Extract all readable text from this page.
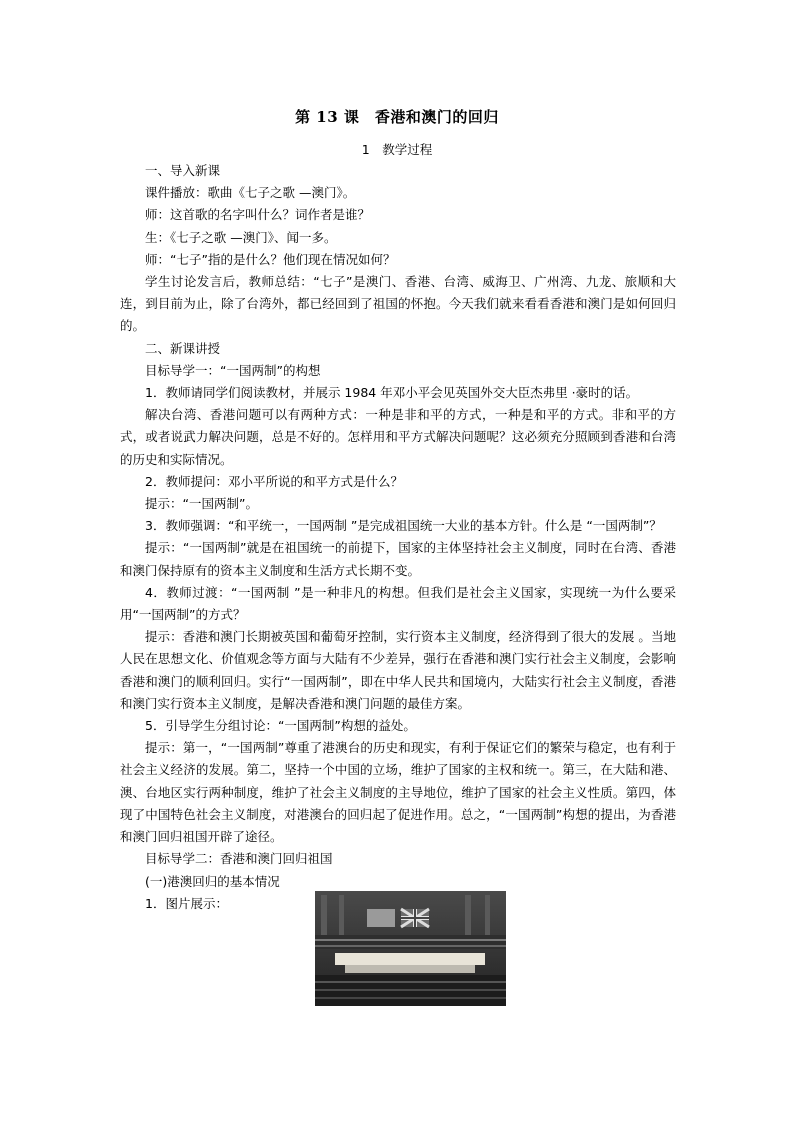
第 13 课　香港和澳门的回归
1　教学过程

一、导入新课

课件播放：歌曲《七子之歌 —澳门》。

师：这首歌的名字叫什么？词作者是谁？

生：《七子之歌 —澳门》、闻一多。

师：“七子”指的是什么？他们现在情况如何？

学生讨论发言后，教师总结：“七子”是澳门、香港、台湾、威海卫、广州湾、九龙、旅顺和大连，到目前为止，除了台湾外，都已经回到了祖国的怀抱。今天我们就来看看香港和澳门是如何回归的。

二、新课讲授

目标导学一：“一国两制”的构想

1．教师请同学们阅读教材，并展示 1984 年邓小平会见英国外交大臣杰弗里 ·豪时的话。

解决台湾、香港问题可以有两种方式：一种是非和平的方式，一种是和平的方式。非和平的方式，或者说武力解决问题，总是不好的。怎样用和平方式解决问题呢？这必须充分照顾到香港和台湾的历史和实际情况。

2．教师提问：邓小平所说的和平方式是什么？

提示：“一国两制”。

3．教师强调：“和平统一，一国两制 ”是完成祖国统一大业的基本方针。什么是 “一国两制”？

提示：“一国两制”就是在祖国统一的前提下，国家的主体坚持社会主义制度，同时在台湾、香港和澳门保持原有的资本主义制度和生活方式长期不变。

4．教师过渡：“一国两制 ”是一种非凡的构想。但我们是社会主义国家，实现统一为什么要采用“一国两制”的方式？

提示：香港和澳门长期被英国和葡萄牙控制，实行资本主义制度，经济得到了很大的发展 。当地人民在思想文化、价值观念等方面与大陆有不少差异，强行在香港和澳门实行社会主义制度，会影响香港和澳门的顺利回归。实行“一国两制”，即在中华人民共和国境内，大陆实行社会主义制度，香港和澳门实行资本主义制度，是解决香港和澳门问题的最佳方案。

5．引导学生分组讨论：“一国两制”构想的益处。

提示：第一，“一国两制”尊重了港澳台的历史和现实，有利于保证它们的繁荣与稳定，也有利于社会主义经济的发展。第二，坚持一个中国的立场，维护了国家的主权和统一。第三，在大陆和港、澳、台地区实行两种制度，维护了社会主义制度的主导地位，维护了国家的社会主义性质。第四，体现了中国特色社会主义制度，对港澳台的回归起了促进作用。总之，“一国两制”构想的提出，为香港和澳门回归祖国开辟了途径。

目标导学二：香港和澳门回归祖国

(一)港澳回归的基本情况

1．图片展示：
